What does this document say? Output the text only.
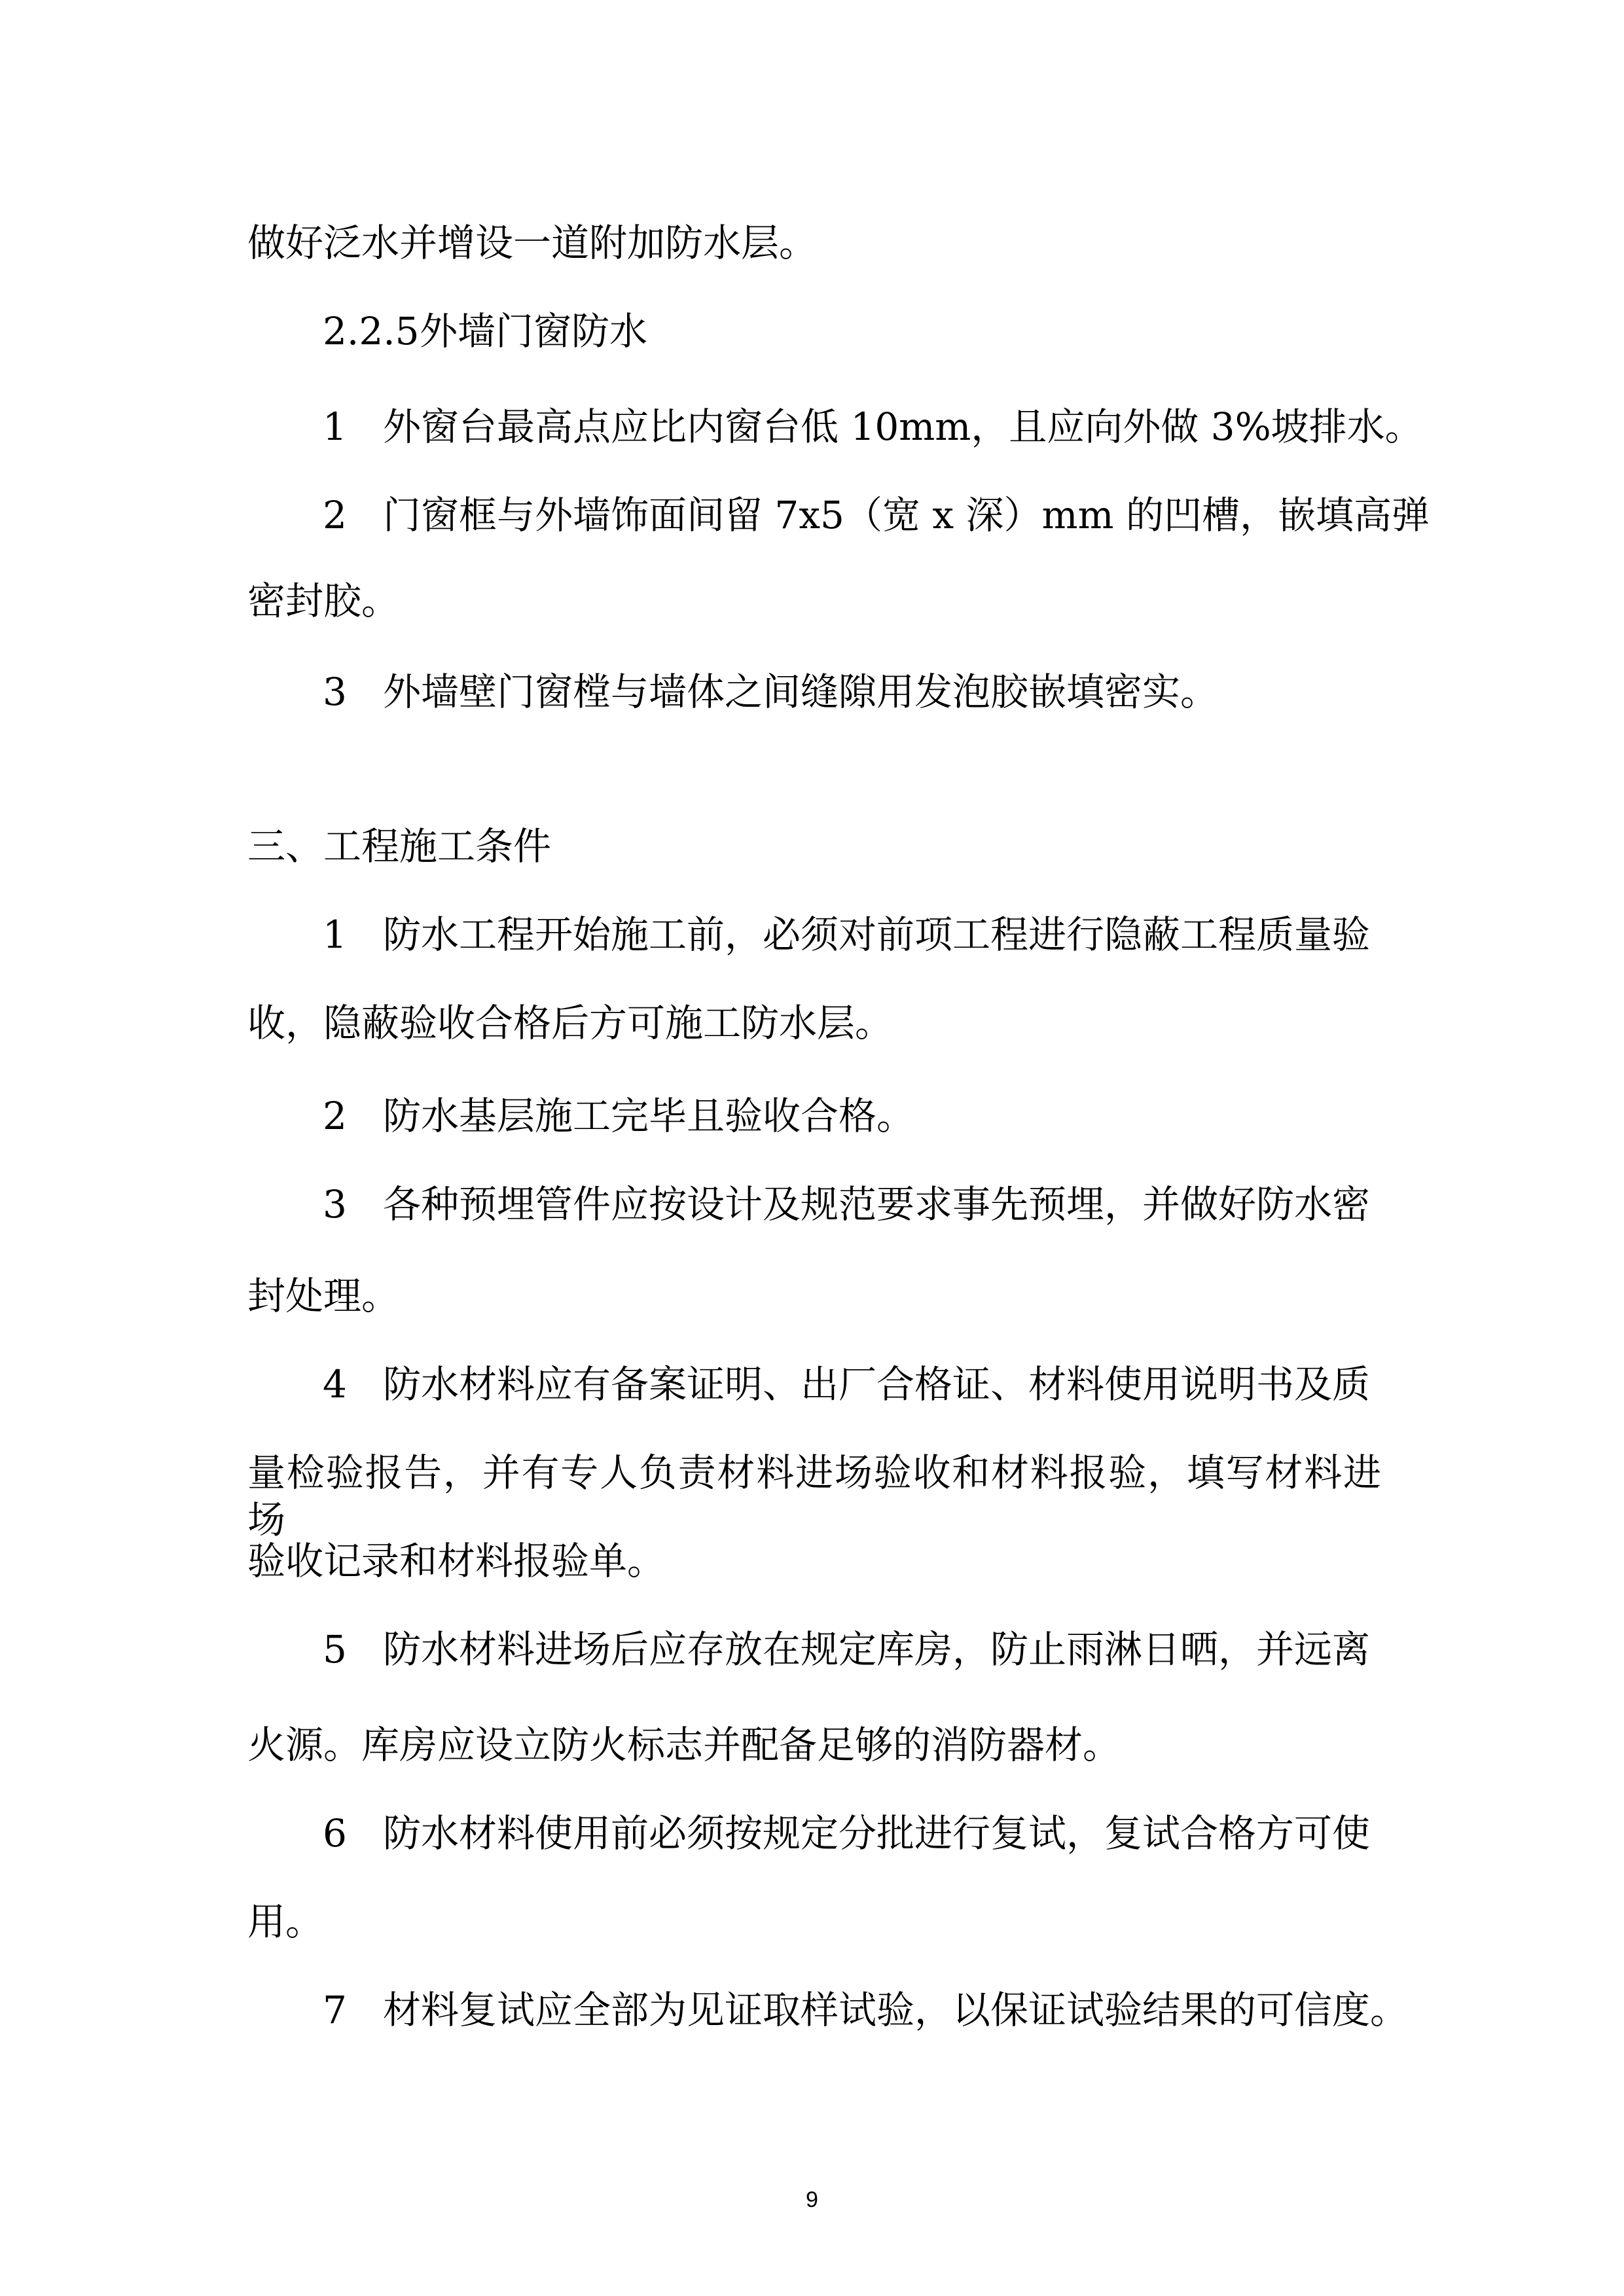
做好泛水并增设一道附加防水层。
2.2.5外墙门窗防水
1 外窗台最高点应比内窗台低 10mm，且应向外做 3%坡排水。
2 门窗框与外墙饰面间留 7x5（宽 x 深）mm 的凹槽，嵌填高弹
密封胶。
3 外墙壁门窗樘与墙体之间缝隙用发泡胶嵌填密实。
三、工程施工条件
1 防水工程开始施工前，必须对前项工程进行隐蔽工程质量验
收，隐蔽验收合格后方可施工防水层。
2 防水基层施工完毕且验收合格。
3 各种预埋管件应按设计及规范要求事先预埋，并做好防水密
封处理。
4 防水材料应有备案证明、出厂合格证、材料使用说明书及质
量检验报告，并有专人负责材料进场验收和材料报验，填写材料进场
验收记录和材料报验单。
5 防水材料进场后应存放在规定库房，防止雨淋日晒，并远离
火源。库房应设立防火标志并配备足够的消防器材。
6 防水材料使用前必须按规定分批进行复试，复试合格方可使
用。
7 材料复试应全部为见证取样试验，以保证试验结果的可信度。
9
